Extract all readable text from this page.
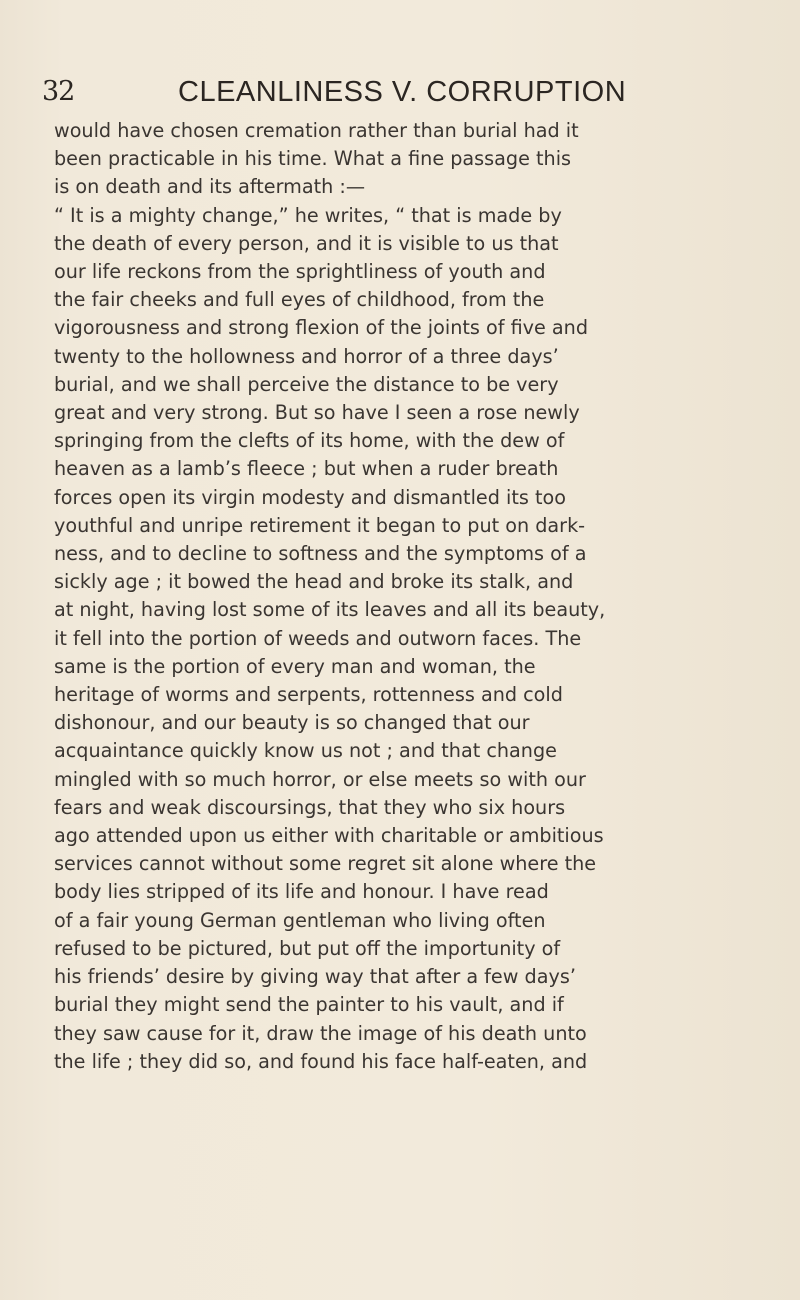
32	CLEANLINESS V. CORRUPTION
would have chosen cremation rather than burial had it
been practicable in his time. What a fine passage this
is on death and its aftermath :—
“ It is a mighty change,” he writes, “ that is made by
the death of every person, and it is visible to us that
our life reckons from the sprightliness of youth and
the fair cheeks and full eyes of childhood, from the
vigorousness and strong flexion of the joints of five and
twenty to the hollowness and horror of a three days’
burial, and we shall perceive the distance to be very
great and very strong. But so have I seen a rose newly
springing from the clefts of its home, with the dew of
heaven as a lamb’s fleece ; but when a ruder breath
forces open its virgin modesty and dismantled its too
youthful and unripe retirement it began to put on dark-
ness, and to decline to softness and the symptoms of a
sickly age ; it bowed the head and broke its stalk, and
at night, having lost some of its leaves and all its beauty,
it fell into the portion of weeds and outworn faces. The
same is the portion of every man and woman, the
heritage of worms and serpents, rottenness and cold
dishonour, and our beauty is so changed that our
acquaintance quickly know us not ; and that change
mingled with so much horror, or else meets so with our
fears and weak discoursings, that they who six hours
ago attended upon us either with charitable or ambitious
services cannot without some regret sit alone where the
body lies stripped of its life and honour. I have read
of a fair young German gentleman who living often
refused to be pictured, but put off the importunity of
his friends’ desire by giving way that after a few days’
burial they might send the painter to his vault, and if
they saw cause for it, draw the image of his death unto
the life ; they did so, and found his face half-eaten, and
